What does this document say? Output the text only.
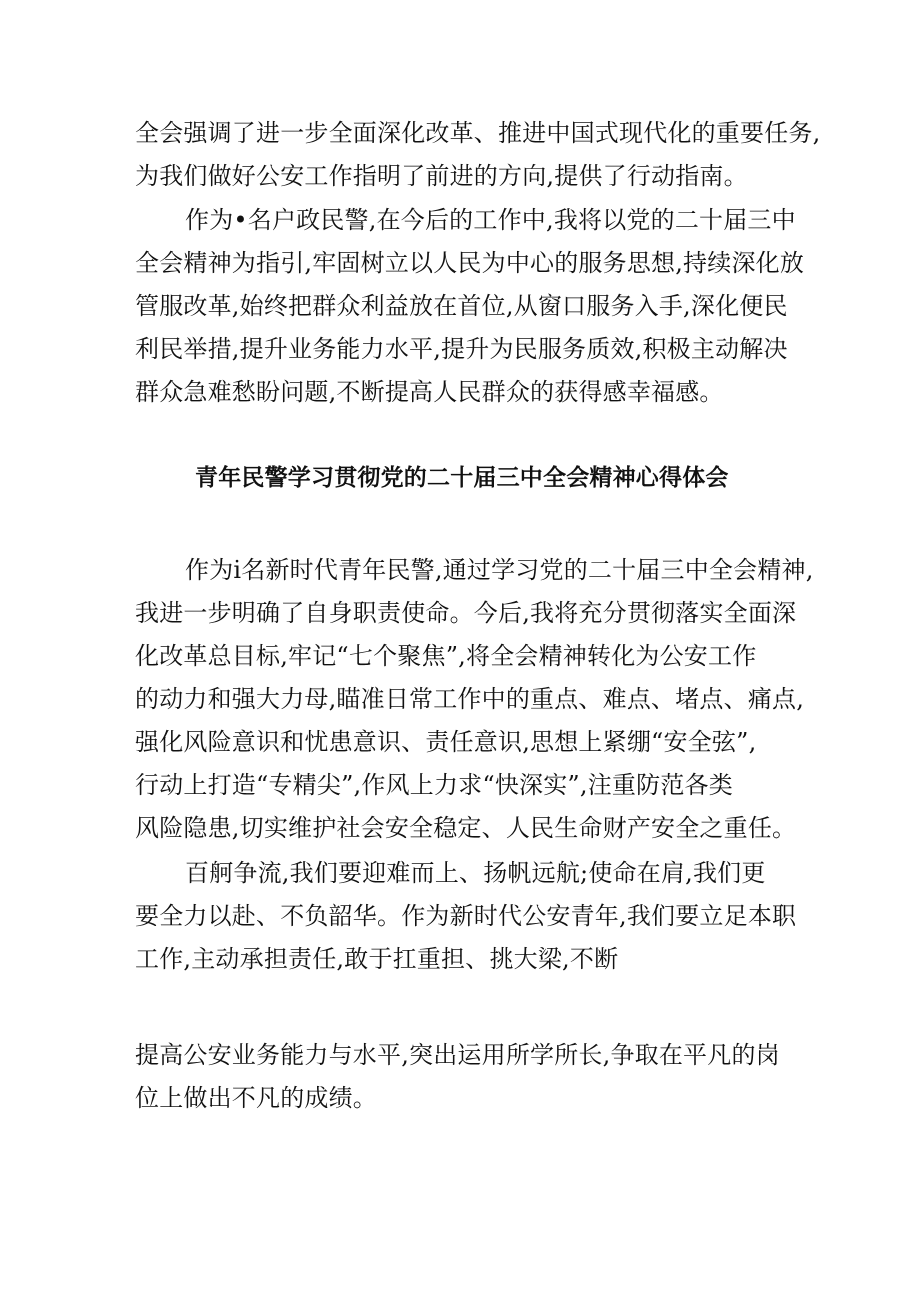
全会强调了进一步全面深化改革、推进中国式现代化的重要任务,
为我们做好公安工作指明了前进的方向,提供了行动指南。
作为•名户政民警,在今后的工作中,我将以党的二十届三中
全会精神为指引,牢固树立以人民为中心的服务思想,持续深化放
管服改革,始终把群众利益放在首位,从窗口服务入手,深化便民
利民举措,提升业务能力水平,提升为民服务质效,积极主动解决
群众急难愁盼问题,不断提高人民群众的获得感幸福感。
青年民警学习贯彻党的二十届三中全会精神心得体会
作为i名新时代青年民警,通过学习党的二十届三中全会精神,
我进一步明确了自身职责使命。今后,我将充分贯彻落实全面深
化改革总目标,牢记“七个聚焦”,将全会精神转化为公安工作
的动力和强大力母,瞄准日常工作中的重点、难点、堵点、痛点,
强化风险意识和忧患意识、责任意识,思想上紧绷“安全弦”,
行动上打造“专精尖”,作风上力求“快深实”,注重防范各类
风险隐患,切实维护社会安全稳定、人民生命财产安全之重任。
百舸争流,我们要迎难而上、扬帆远航;使命在肩,我们更
要全力以赴、不负韶华。作为新时代公安青年,我们要立足本职
工作,主动承担责任,敢于扛重担、挑大梁,不断
提高公安业务能力与水平,突出运用所学所长,争取在平凡的岗
位上做出不凡的成绩。
